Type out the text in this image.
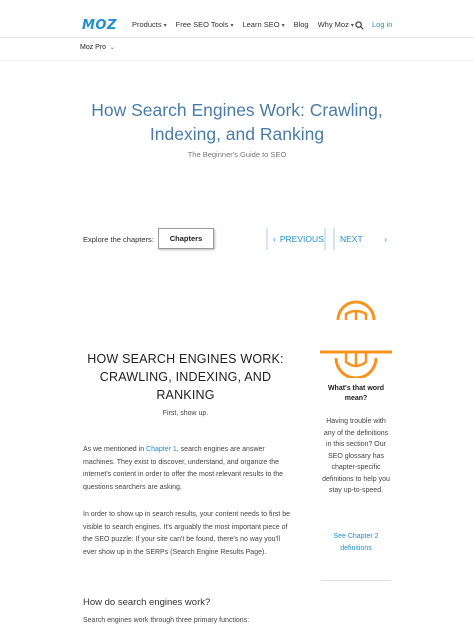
MOZ Products ▾ Free SEO Tools ▾ Learn SEO ▾ Blog Why Moz ▾ Log in
Moz Pro ⌄
How Search Engines Work: Crawling,
Indexing, and Ranking
The Beginner's Guide to SEO
Explore the chapters:	Chapters	‹ PREVIOUS	NEXT	›
HOW SEARCH ENGINES WORK:
CRAWLING, INDEXING, AND
RANKING
First, show up.
As we mentioned in Chapter 1, search engines are answer machines. They exist to discover, understand, and organize the internet's content in order to offer the most relevant results to the questions searchers are asking.
In order to show up in search results, your content needs to first be visible to search engines. It's arguably the most important piece of the SEO puzzle: If your site can't be found, there's no way you'll ever show up in the SERPs (Search Engine Results Page).
How do search engines work?
Search engines work through three primary functions:
What's that word mean?
Having trouble with any of the definitions in this section? Our SEO glossary has chapter-specific definitions to help you stay up-to-speed.
See Chapter 2 definitions
